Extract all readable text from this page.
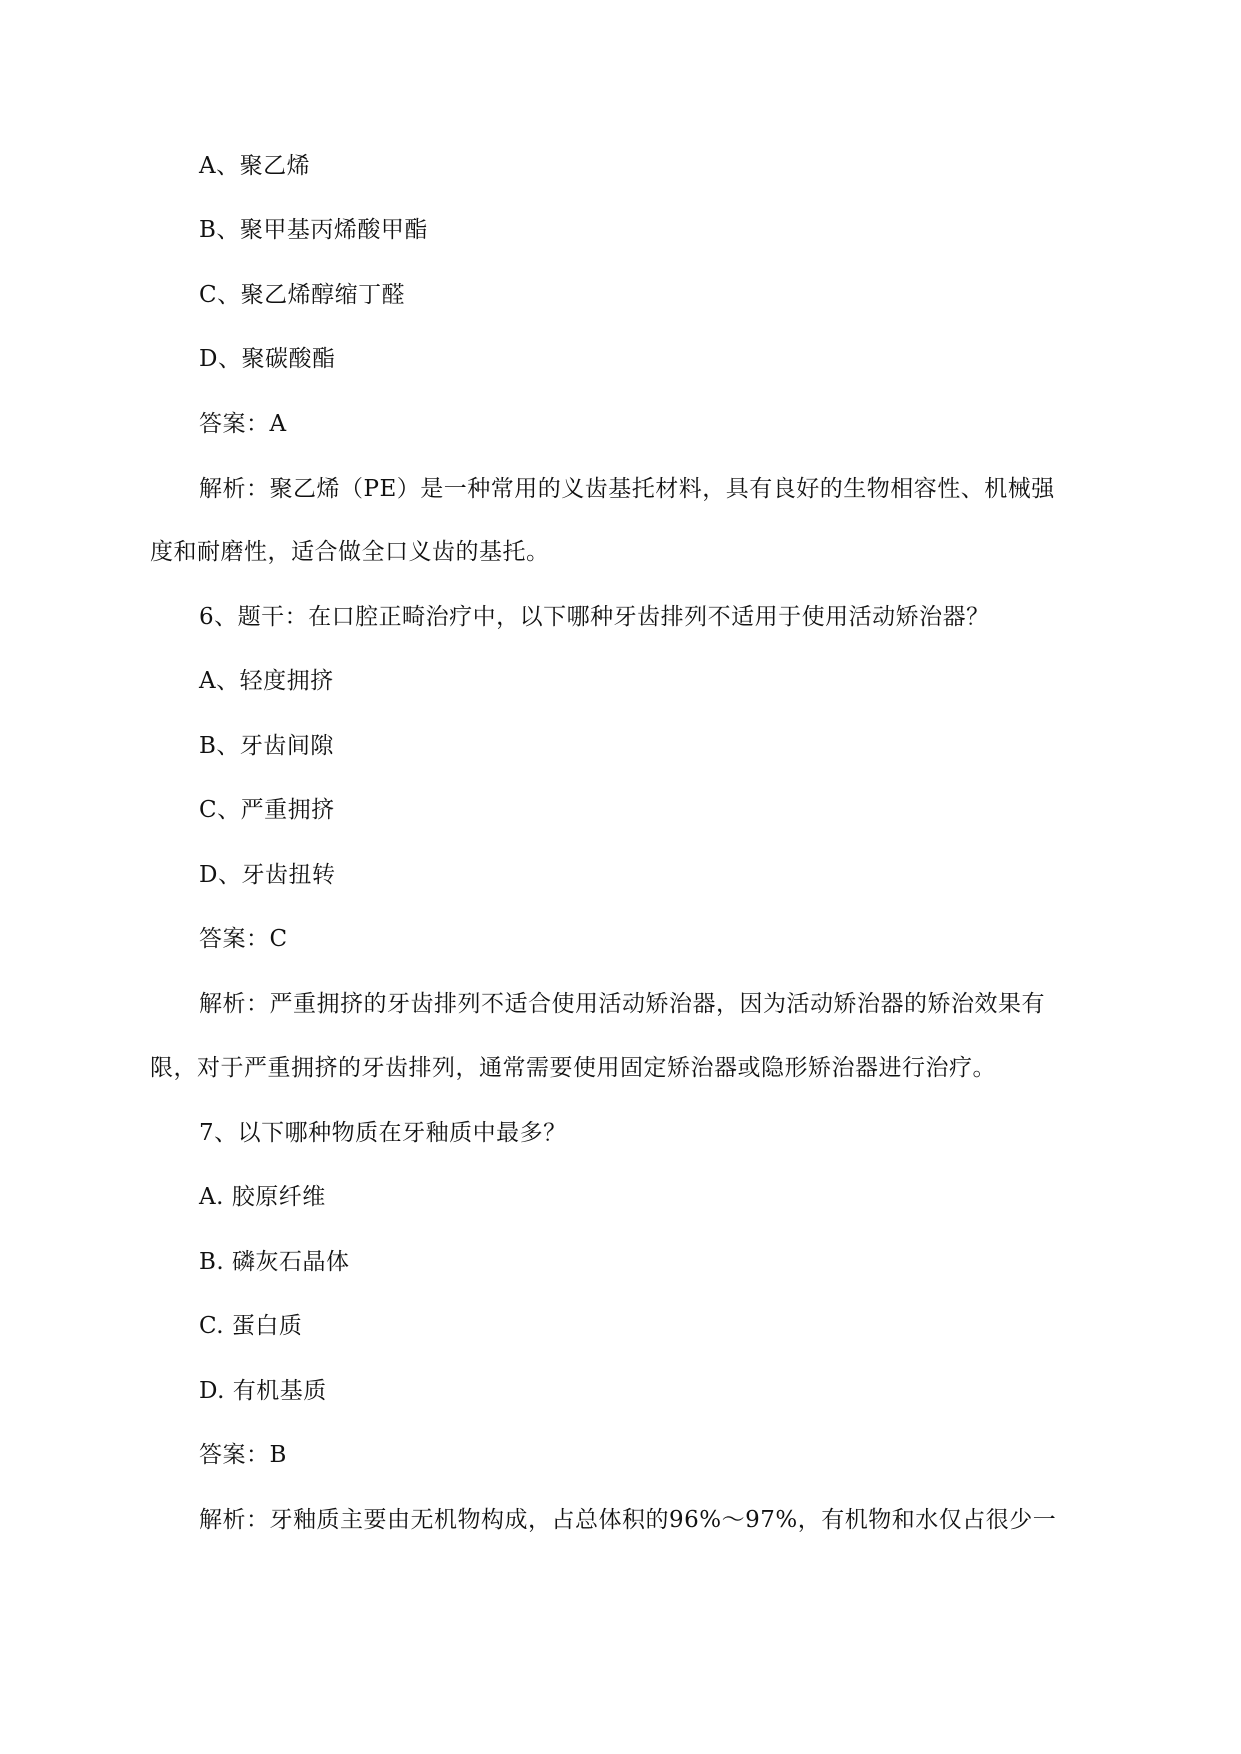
A、聚乙烯
B、聚甲基丙烯酸甲酯
C、聚乙烯醇缩丁醛
D、聚碳酸酯
答案：A
解析：聚乙烯（PE）是一种常用的义齿基托材料，具有良好的生物相容性、机械强
度和耐磨性，适合做全口义齿的基托。
6、题干：在口腔正畸治疗中，以下哪种牙齿排列不适用于使用活动矫治器？
A、轻度拥挤
B、牙齿间隙
C、严重拥挤
D、牙齿扭转
答案：C
解析：严重拥挤的牙齿排列不适合使用活动矫治器，因为活动矫治器的矫治效果有
限，对于严重拥挤的牙齿排列，通常需要使用固定矫治器或隐形矫治器进行治疗。
7、以下哪种物质在牙釉质中最多？
A. 胶原纤维
B. 磷灰石晶体
C. 蛋白质
D. 有机基质
答案：B
解析：牙釉质主要由无机物构成，占总体积的96%～97%，有机物和水仅占很少一
